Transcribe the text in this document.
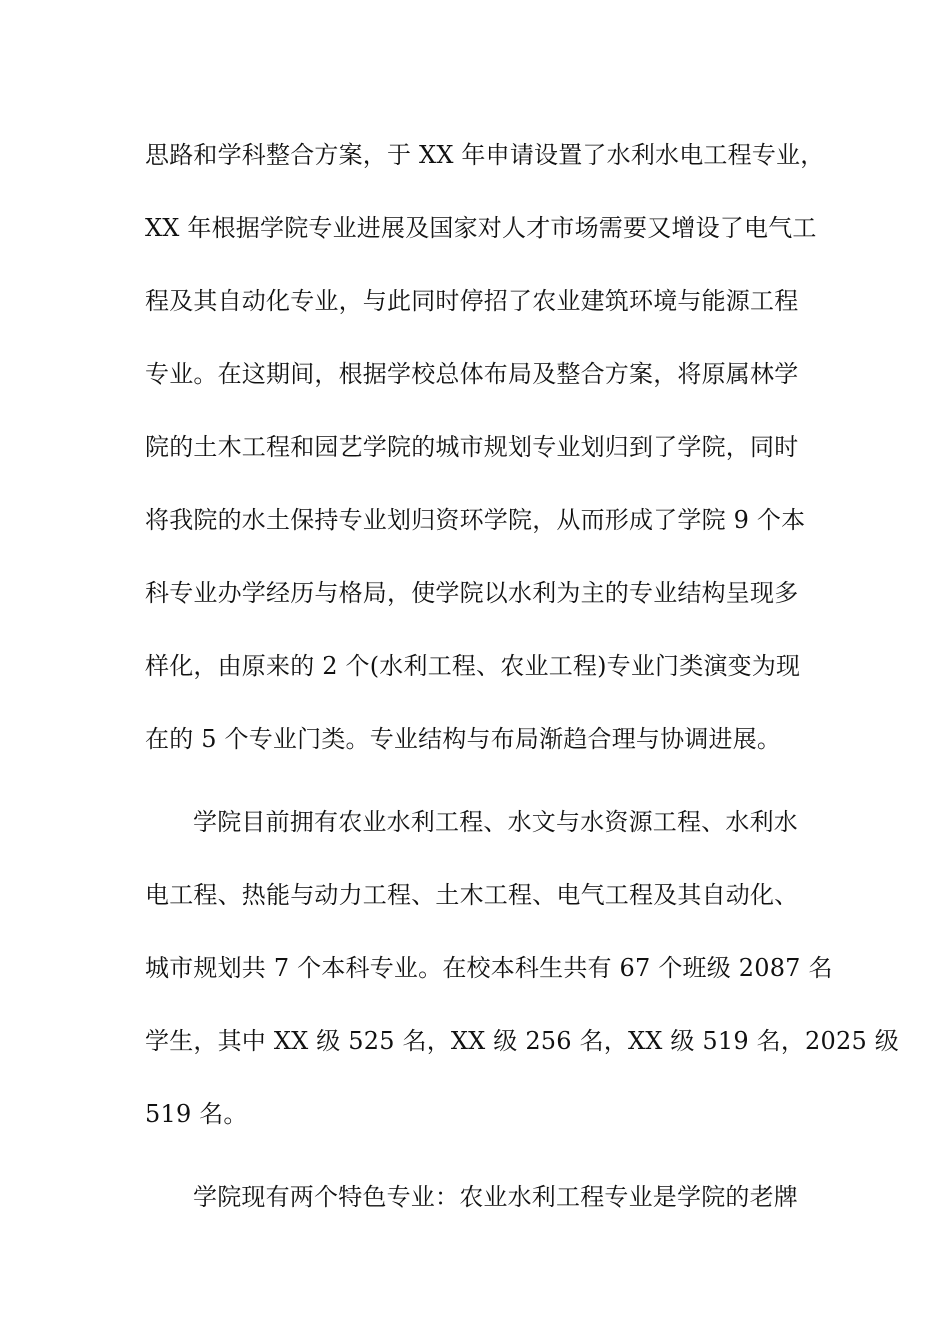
思路和学科整合方案，于 XX 年申请设置了水利水电工程专业，
XX 年根据学院专业进展及国家对人才市场需要又增设了电气工
程及其自动化专业，与此同时停招了农业建筑环境与能源工程
专业。在这期间，根据学校总体布局及整合方案，将原属林学
院的土木工程和园艺学院的城市规划专业划归到了学院，同时
将我院的水土保持专业划归资环学院，从而形成了学院 9 个本
科专业办学经历与格局，使学院以水利为主的专业结构呈现多
样化，由原来的 2 个(水利工程、农业工程)专业门类演变为现
在的 5 个专业门类。专业结构与布局渐趋合理与协调进展。
学院目前拥有农业水利工程、水文与水资源工程、水利水
电工程、热能与动力工程、土木工程、电气工程及其自动化、
城市规划共 7 个本科专业。在校本科生共有 67 个班级 2087 名
学生，其中 XX 级 525 名，XX 级 256 名，XX 级 519 名，2025 级
519 名。
学院现有两个特色专业：农业水利工程专业是学院的老牌
